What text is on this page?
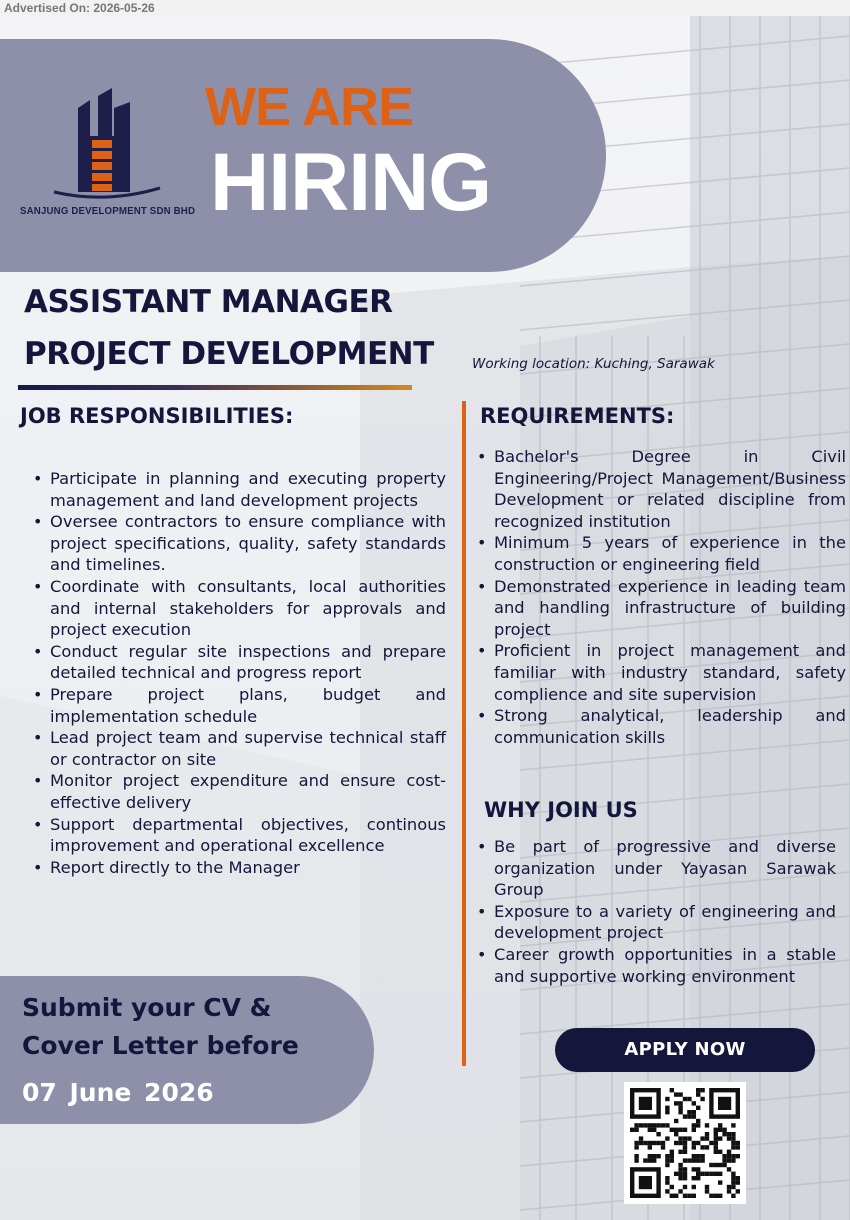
Advertised On: 2026-05-26
SANJUNG DEVELOPMENT SDN BHD
WE ARE
HIRING
ASSISTANT MANAGER
PROJECT DEVELOPMENT	Working location: Kuching, Sarawak
JOB RESPONSIBILITIES:
• Participate in planning and executing property management and land development projects
• Oversee contractors to ensure compliance with project specifications, quality, safety standards and timelines.
• Coordinate with consultants, local authorities and internal stakeholders for approvals and project execution
• Conduct regular site inspections and prepare detailed technical and progress report
• Prepare project plans, budget and implementation schedule
• Lead project team and supervise technical staff or contractor on site
• Monitor project expenditure and ensure cost-effective delivery
• Support departmental objectives, continous improvement and operational excellence
• Report directly to the Manager
REQUIREMENTS:
• Bachelor's Degree in Civil Engineering/Project Management/Business Development or related discipline from recognized institution
• Minimum 5 years of experience in the construction or engineering field
• Demonstrated experience in leading team and handling infrastructure of building project
• Proficient in project management and familiar with industry standard, safety complience and site supervision
• Strong analytical, leadership and communication skills
WHY JOIN US
• Be part of progressive and diverse organization under Yayasan Sarawak Group
• Exposure to a variety of engineering and development project
• Career growth opportunities in a stable and supportive working environment
Submit your CV &
Cover Letter before
07 June 2026
APPLY NOW
